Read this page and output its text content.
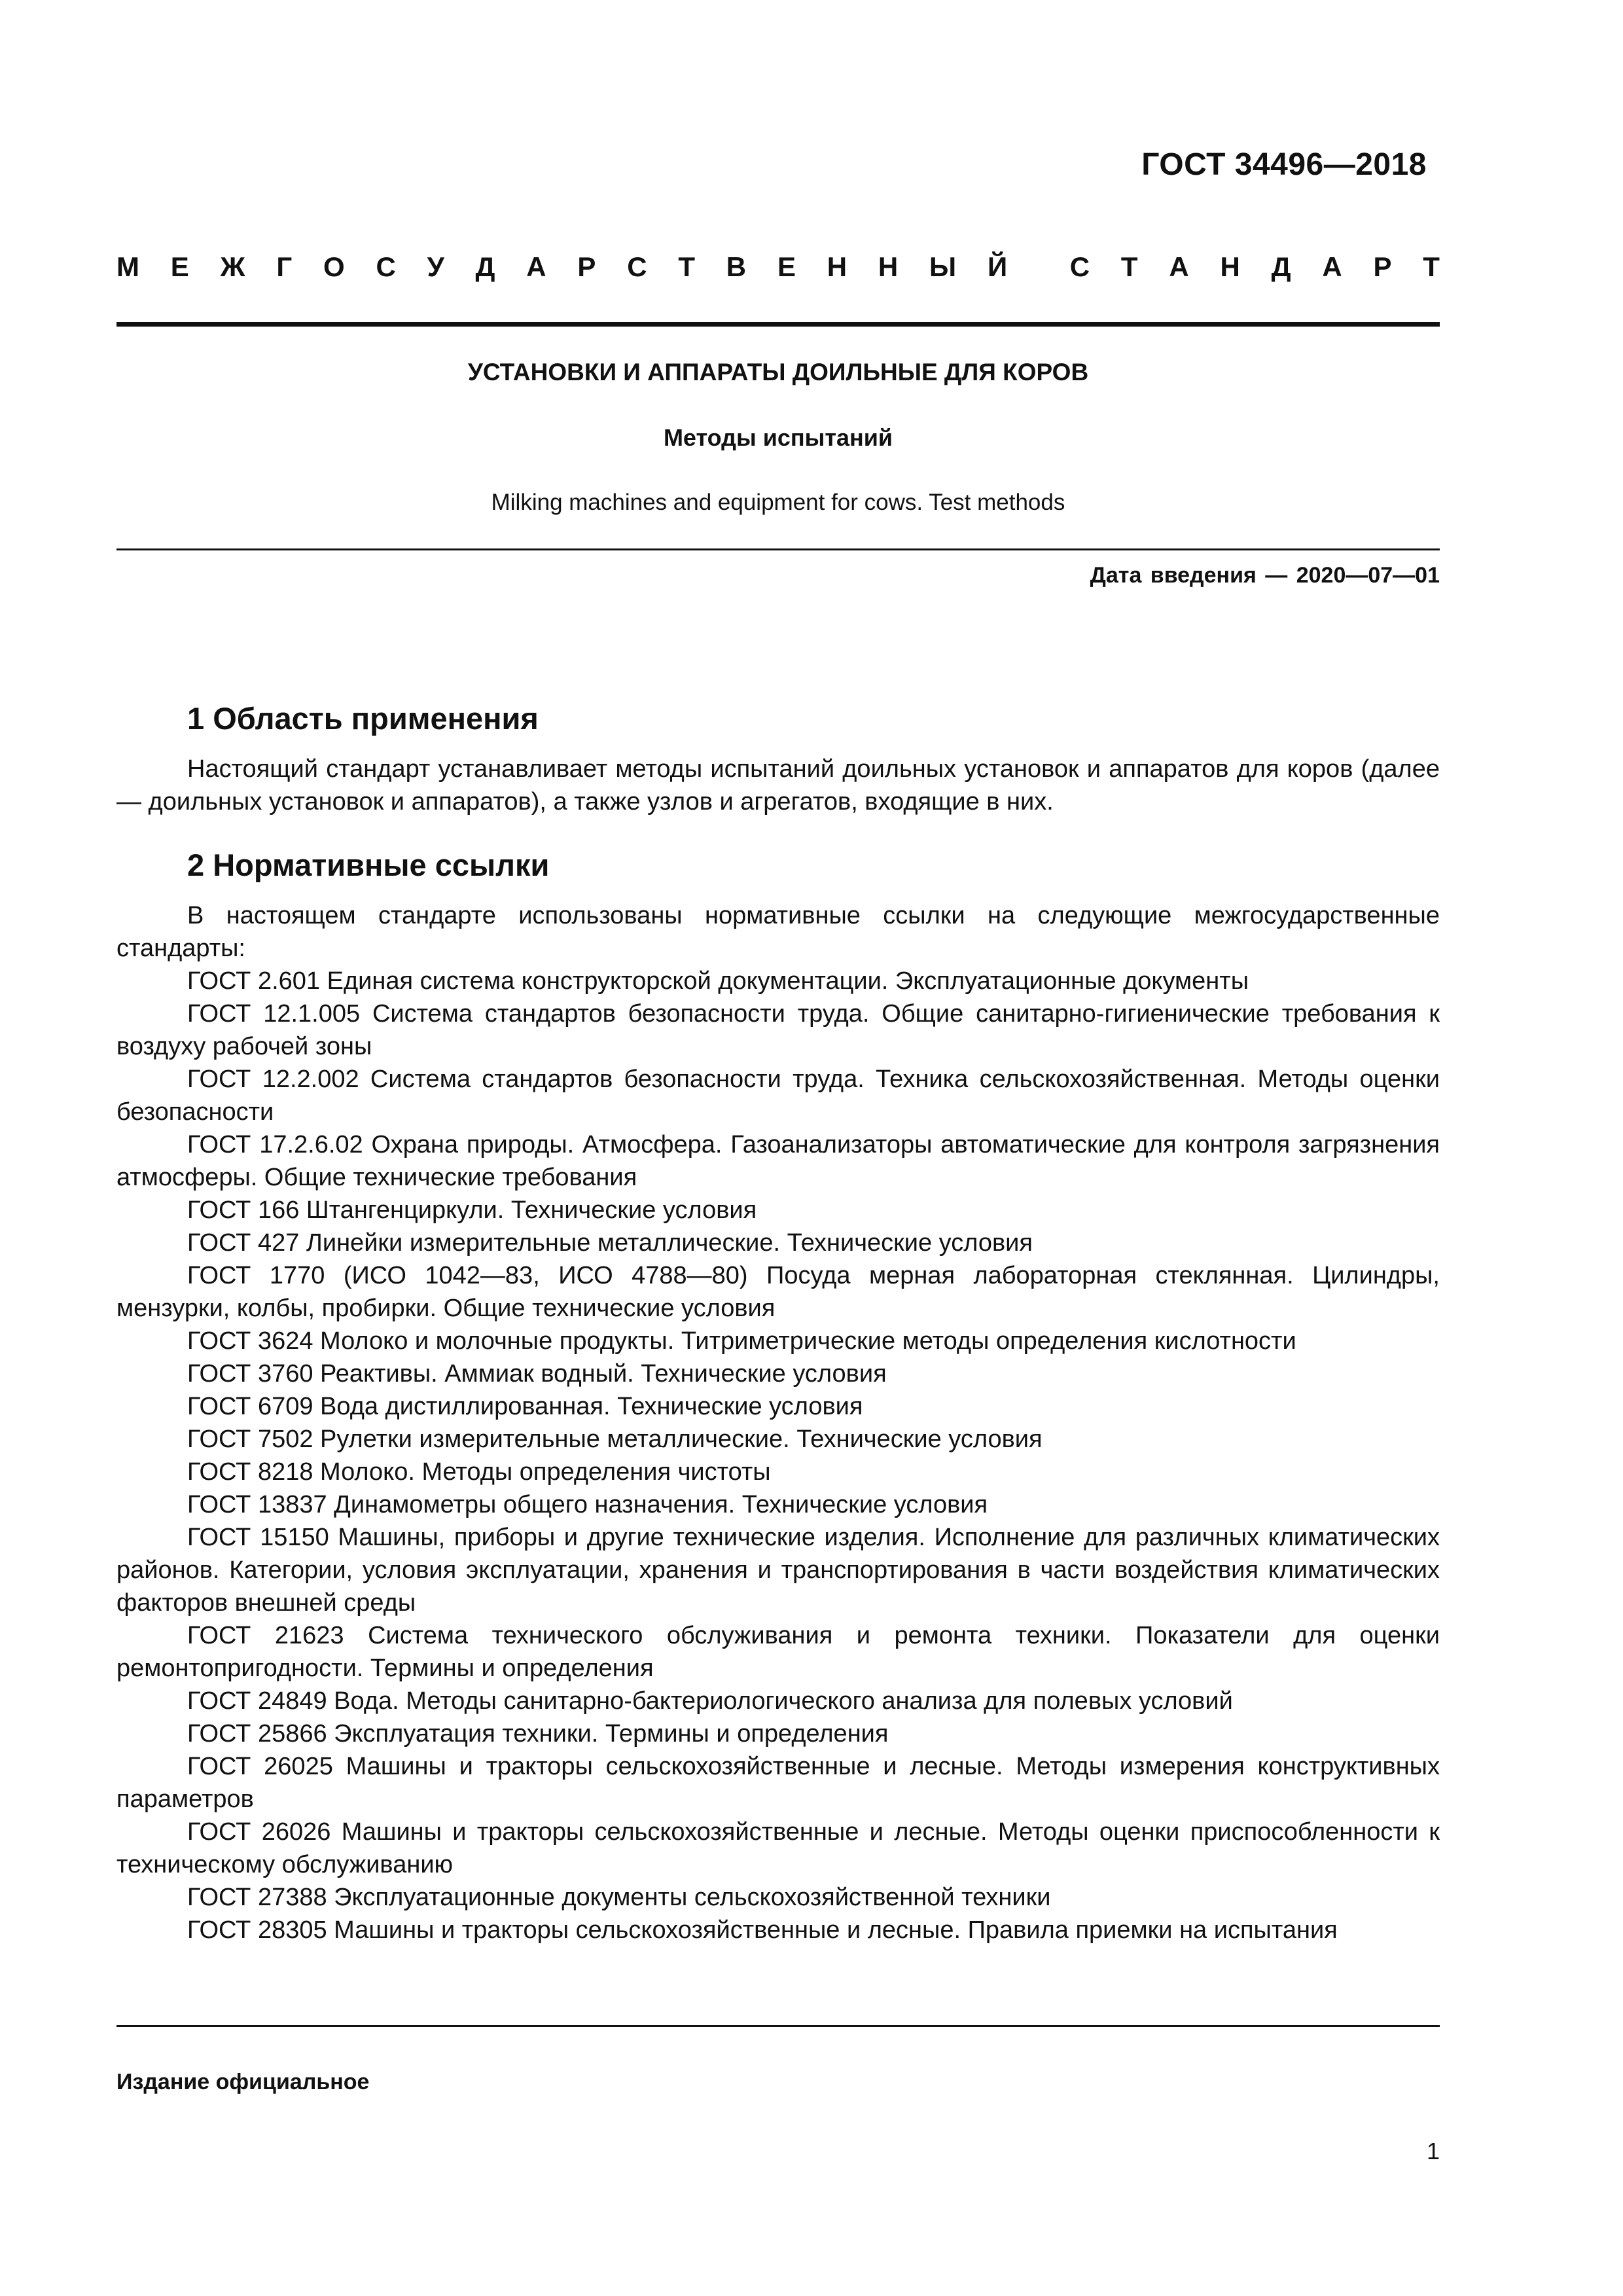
ГОСТ 34496—2018
М Е Ж Г О С У Д А Р С Т В Е Н Н Ы Й С Т А Н Д А Р Т
УСТАНОВКИ И АППАРАТЫ ДОИЛЬНЫЕ ДЛЯ КОРОВ
Методы испытаний
Milking machines and equipment for cows. Test methods
Дата введения — 2020—07—01
1 Область применения

Настоящий стандарт устанавливает методы испытаний доильных установок и аппаратов для коров (далее — доильных установок и аппаратов), а также узлов и агрегатов, входящие в них.

2 Нормативные ссылки

В настоящем стандарте использованы нормативные ссылки на следующие межгосударственные стандарты:

ГОСТ 2.601 Единая система конструкторской документации. Эксплуатационные документы

ГОСТ 12.1.005 Система стандартов безопасности труда. Общие санитарно-гигиенические требования к воздуху рабочей зоны

ГОСТ 12.2.002 Система стандартов безопасности труда. Техника сельскохозяйственная. Методы оценки безопасности

ГОСТ 17.2.6.02 Охрана природы. Атмосфера. Газоанализаторы автоматические для контроля загрязнения атмосферы. Общие технические требования

ГОСТ 166 Штангенциркули. Технические условия

ГОСТ 427 Линейки измерительные металлические. Технические условия

ГОСТ 1770 (ИСО 1042—83, ИСО 4788—80) Посуда мерная лабораторная стеклянная. Цилиндры, мензурки, колбы, пробирки. Общие технические условия

ГОСТ 3624 Молоко и молочные продукты. Титриметрические методы определения кислотности

ГОСТ 3760 Реактивы. Аммиак водный. Технические условия

ГОСТ 6709 Вода дистиллированная. Технические условия

ГОСТ 7502 Рулетки измерительные металлические. Технические условия

ГОСТ 8218 Молоко. Методы определения чистоты

ГОСТ 13837 Динамометры общего назначения. Технические условия

ГОСТ 15150 Машины, приборы и другие технические изделия. Исполнение для различных климатических районов. Категории, условия эксплуатации, хранения и транспортирования в части воздействия климатических факторов внешней среды

ГОСТ 21623 Система технического обслуживания и ремонта техники. Показатели для оценки ремонтопригодности. Термины и определения

ГОСТ 24849 Вода. Методы санитарно-бактериологического анализа для полевых условий

ГОСТ 25866 Эксплуатация техники. Термины и определения

ГОСТ 26025 Машины и тракторы сельскохозяйственные и лесные. Методы измерения конструктивных параметров

ГОСТ 26026 Машины и тракторы сельскохозяйственные и лесные. Методы оценки приспособленности к техническому обслуживанию

ГОСТ 27388 Эксплуатационные документы сельскохозяйственной техники

ГОСТ 28305 Машины и тракторы сельскохозяйственные и лесные. Правила приемки на испытания

Издание официальное
1
